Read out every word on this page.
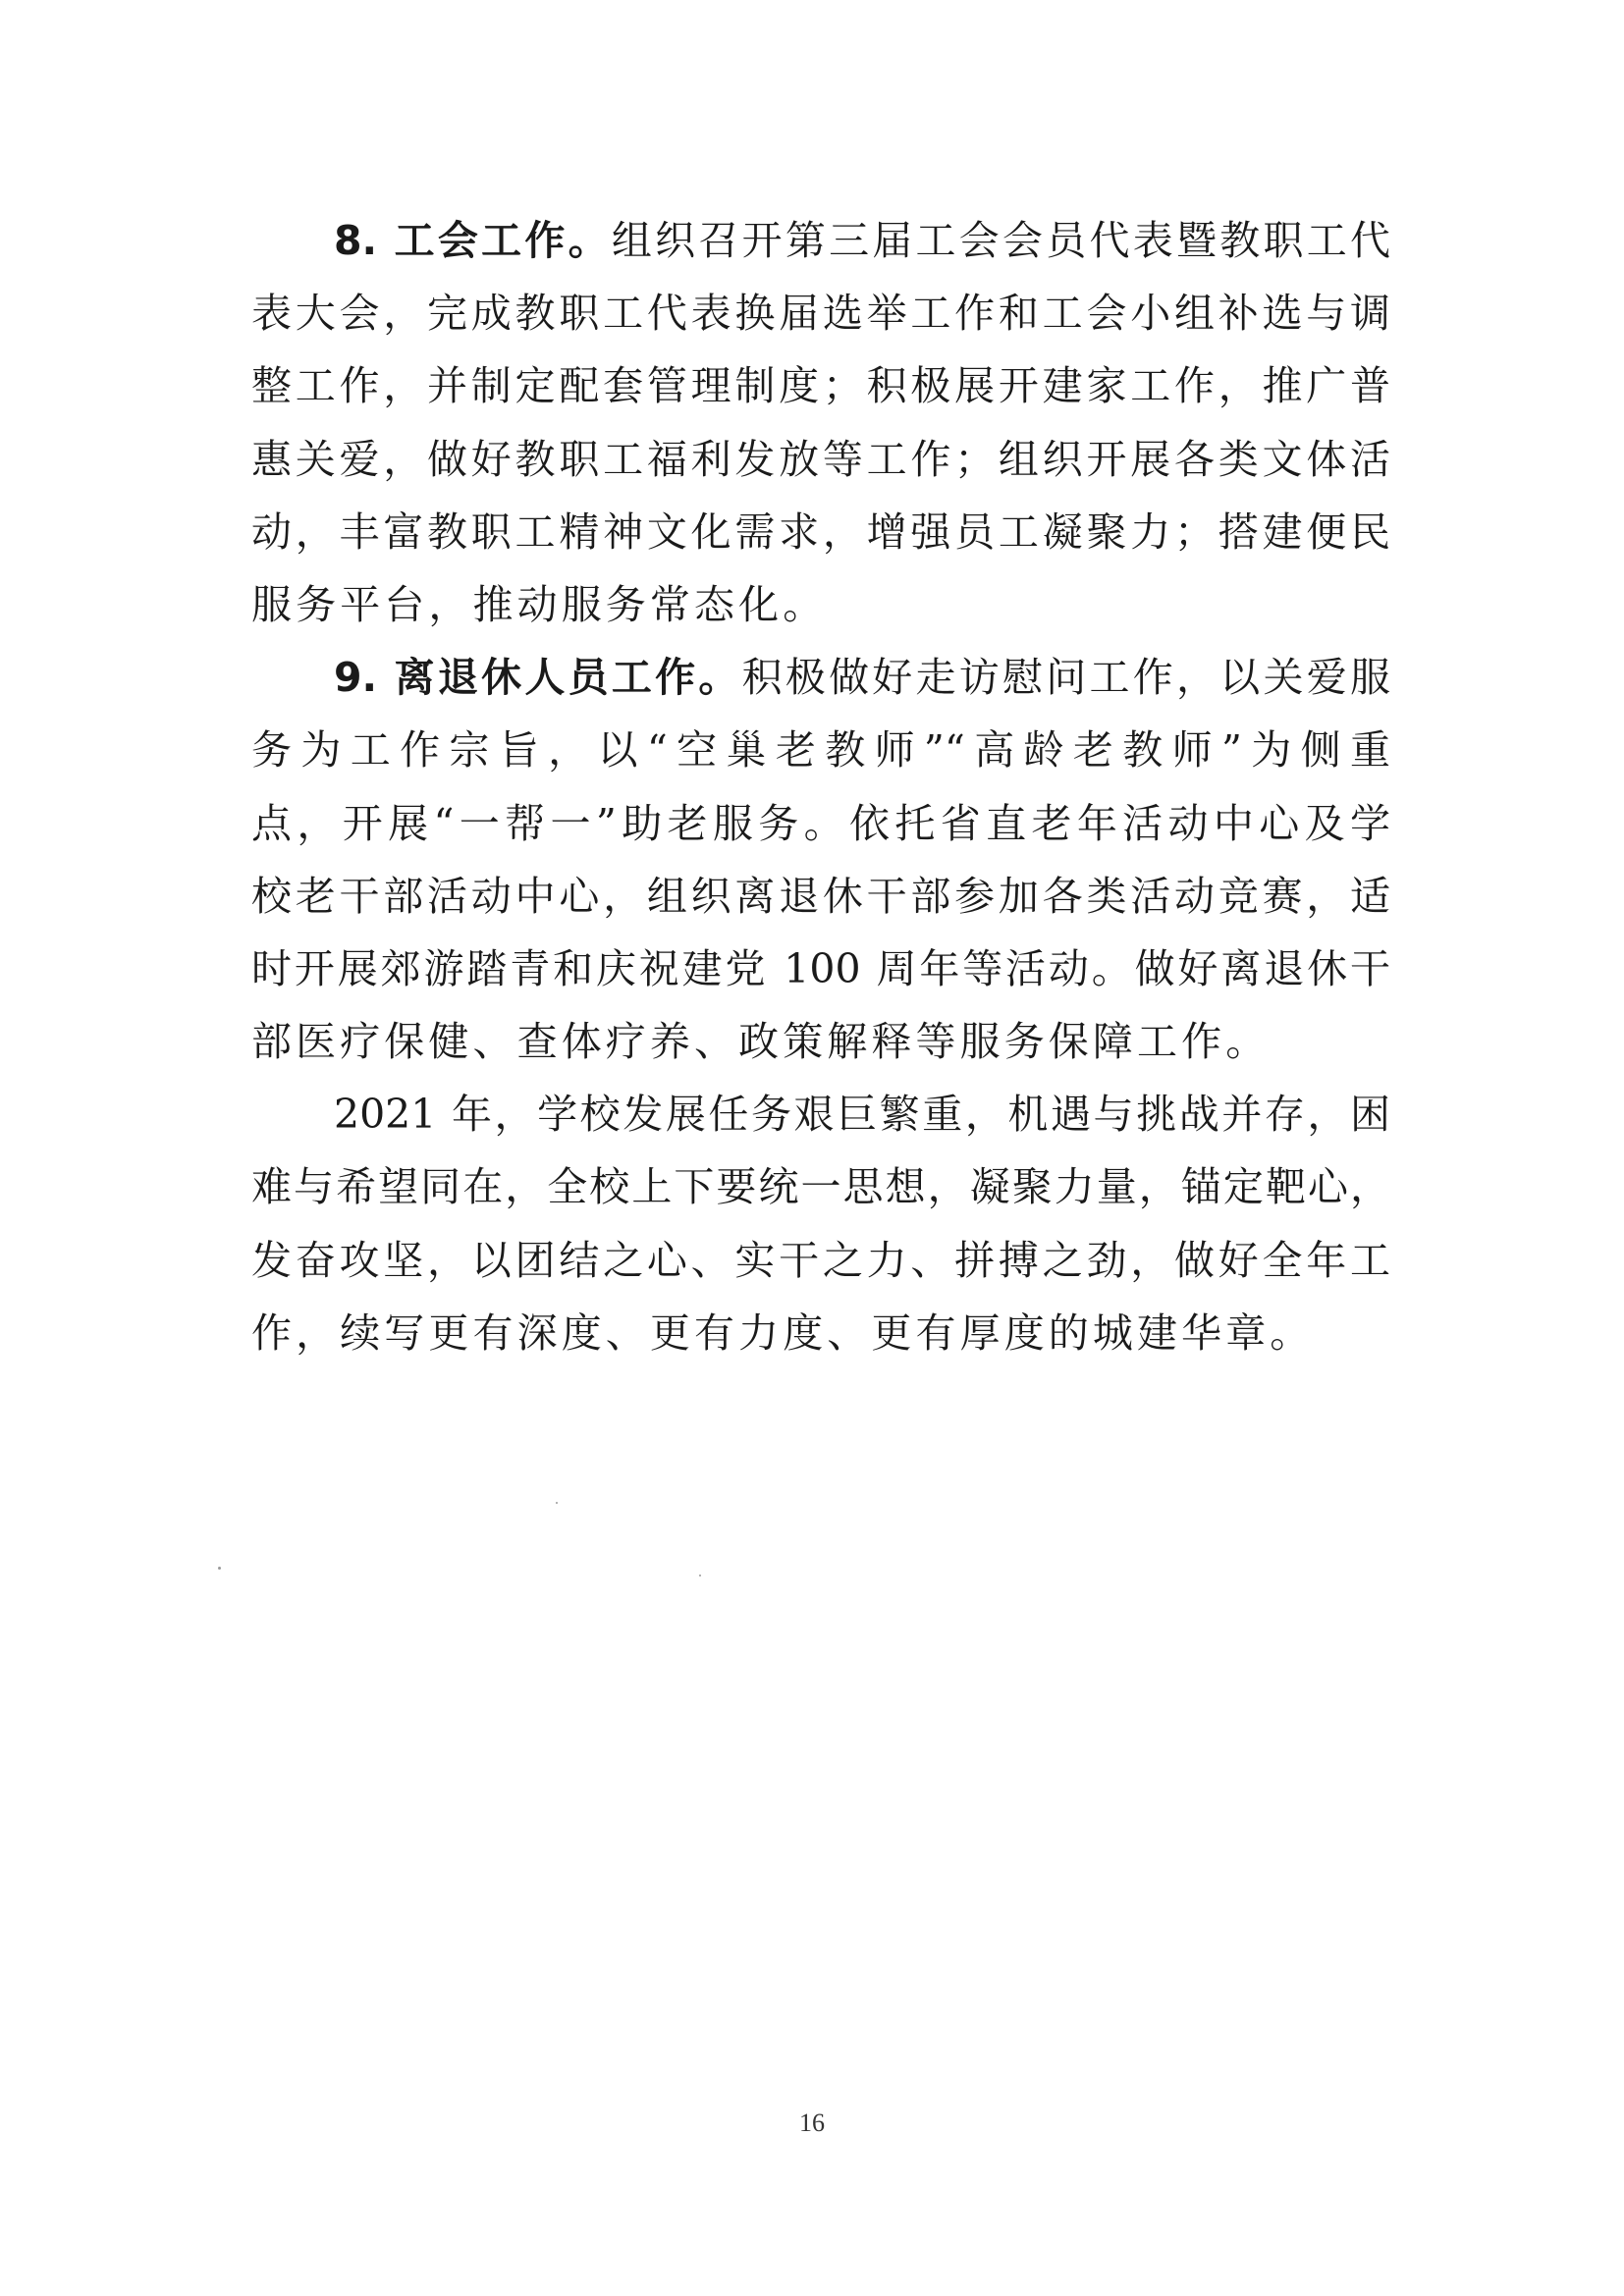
8. 工会工作。组织召开第三届工会会员代表暨教职工代
表大会，完成教职工代表换届选举工作和工会小组补选与调
整工作，并制定配套管理制度；积极展开建家工作，推广普
惠关爱，做好教职工福利发放等工作；组织开展各类文体活
动，丰富教职工精神文化需求，增强员工凝聚力；搭建便民
服务平台，推动服务常态化。
9. 离退休人员工作。积极做好走访慰问工作，以关爱服
务为工作宗旨，以“空巢老教师”“高龄老教师”为侧重
点，开展“一帮一”助老服务。依托省直老年活动中心及学
校老干部活动中心，组织离退休干部参加各类活动竞赛，适
时开展郊游踏青和庆祝建党 100 周年等活动。做好离退休干
部医疗保健、查体疗养、政策解释等服务保障工作。
2021 年，学校发展任务艰巨繁重，机遇与挑战并存，困
难与希望同在，全校上下要统一思想，凝聚力量，锚定靶心，
发奋攻坚，以团结之心、实干之力、拼搏之劲，做好全年工
作，续写更有深度、更有力度、更有厚度的城建华章。
16
